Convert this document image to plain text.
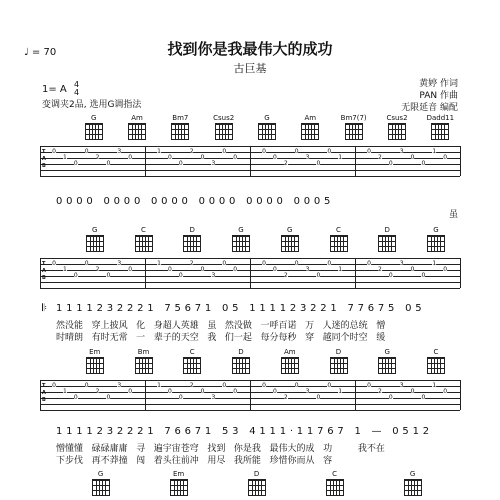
♩ = 70	找到你是我最伟大的成功
古巨基
1= A 4
4
变调夹2品, 选用G调指法
黄婷 作词
PAN 作曲
无限延音 编配
G	Am	Bm7	Csus2	G	Am	Bm7(7)	Csus2	Dadd11
T
A
B
0
1
0
0
2
0
3
0
1
0
0
2
0
3
0
0
0
0
2
0
3
0
0
1
0
2
0
3
0
0
1
0
0 0 0 0   0 0 0 0   0 0 0 0   0 0 0 0   0 0 0 0   0 0 0 5
虽
G	C	D	G	G	C	D	G
T
A
B
0
1
0
0
2
0
3
0
1
0
0
2
0
3
0
0
0
0
2
0
3
0
0
1
0
2
0
3
0
0
1
0
𝄆 1 1 1 1 2 3 2 2 2 1   7 5 6 7 1   0 5   1 1 1 1 2 3 2 2 1   7 7 6 7 5   0 5
然没能   穿上披风   化   身超人英雄   虽   然没做   一呼百诺   万   人迷的总统   憎
时晴朗   有时无常   一   辈子的天空   我   们一起   每分每秒   穿   越同个时空   缓
Em	Bm	C	D	Am	D	G	C
T
A
B
0
1
0
0
2
0
3
0
1
0
0
2
0
3
0
0
0
0
2
0
3
0
0
1
0
2
0
3
0
0
1
0
1 1 1 1 2 3 2 2 2 1   7 6 6 7 1   5 3   4 1 1 1 · 1 1 7 6 7   1   —   0 5 1 2
憎懂懂   碌碌庸庸   寻   遍宇宙苍穹   找到   你是我   最伟大的成   功         我不在
下步伐   再不莽撞   闯   着头往前冲   用尽   我所能   珍惜你而从   容
G	Em	D	C	G
